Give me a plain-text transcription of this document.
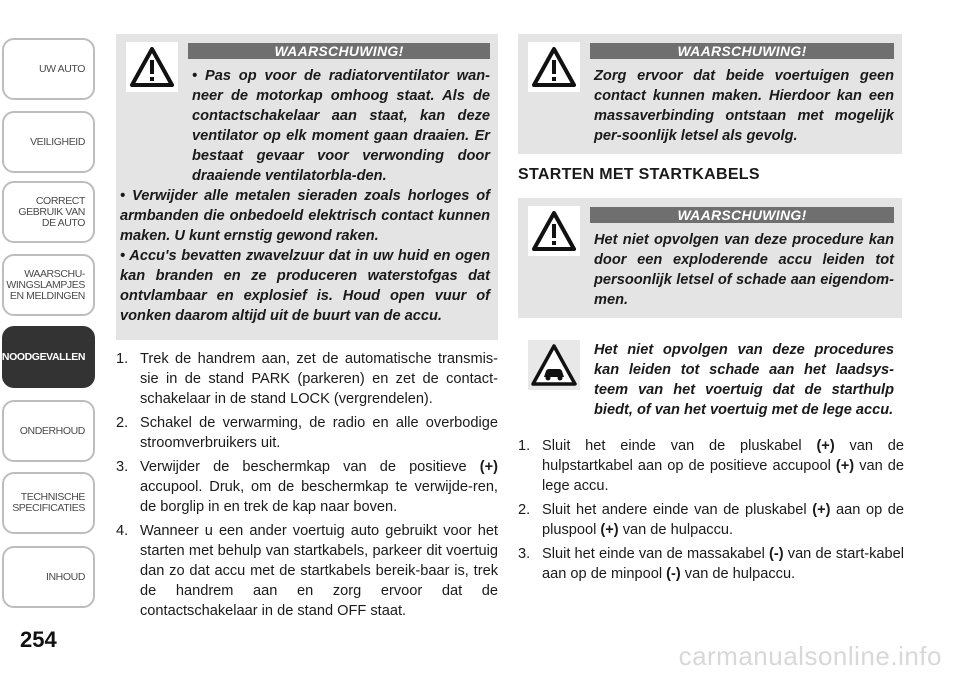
UW AUTO
VEILIGHEID
CORRECT
GEBRUIK VAN
DE AUTO
WAARSCHU-
WINGSLAMPJES
EN MELDINGEN
NOODGEVALLEN
ONDERHOUD
TECHNISCHE
SPECIFICATIES
INHOUD
254
WAARSCHUWING!
• Pas op voor de radiatorventilator wan-neer de motorkap omhoog staat. Als de contactschakelaar aan staat, kan deze ventilator op elk moment gaan draaien. Er bestaat gevaar voor verwonding door draaiende ventilatorbla-den.
• Verwijder alle metalen sieraden zoals horloges of armbanden die onbedoeld elektrisch contact kunnen maken. U kunt ernstig gewond raken.
• Accu's bevatten zwavelzuur dat in uw huid en ogen kan branden en ze produceren waterstofgas dat ontvlambaar en explosief is. Houd open vuur of vonken daarom altijd uit de buurt van de accu.
1. Trek de handrem aan, zet de automatische transmis-sie in de stand PARK (parkeren) en zet de contact-schakelaar in de stand LOCK (vergrendelen).
2. Schakel de verwarming, de radio en alle overbodige stroomverbruikers uit.
3. Verwijder de beschermkap van de positieve (+) accupool. Druk, om de beschermkap te verwijde-ren, de borglip in en trek de kap naar boven.
4. Wanneer u een ander voertuig auto gebruikt voor het starten met behulp van startkabels, parkeer dit voertuig dan zo dat accu met de startkabels bereik-baar is, trek de handrem aan en zorg ervoor dat de contactschakelaar in de stand OFF staat.
WAARSCHUWING!
Zorg ervoor dat beide voertuigen geen contact kunnen maken. Hierdoor kan een massaverbinding ontstaan met mogelijk per-soonlijk letsel als gevolg.
STARTEN MET STARTKABELS
WAARSCHUWING!
Het niet opvolgen van deze procedure kan door een exploderende accu leiden tot persoonlijk letsel of schade aan eigendom-men.
Het niet opvolgen van deze procedures kan leiden tot schade aan het laadsys-teem van het voertuig dat de starthulp biedt, of van het voertuig met de lege accu.
1. Sluit het einde van de pluskabel (+) van de hulpstartkabel aan op de positieve accupool (+) van de lege accu.
2. Sluit het andere einde van de pluskabel (+) aan op de pluspool (+) van de hulpaccu.
3. Sluit het einde van de massakabel (-) van de start-kabel aan op de minpool (-) van de hulpaccu.
carmanualsonline.info
